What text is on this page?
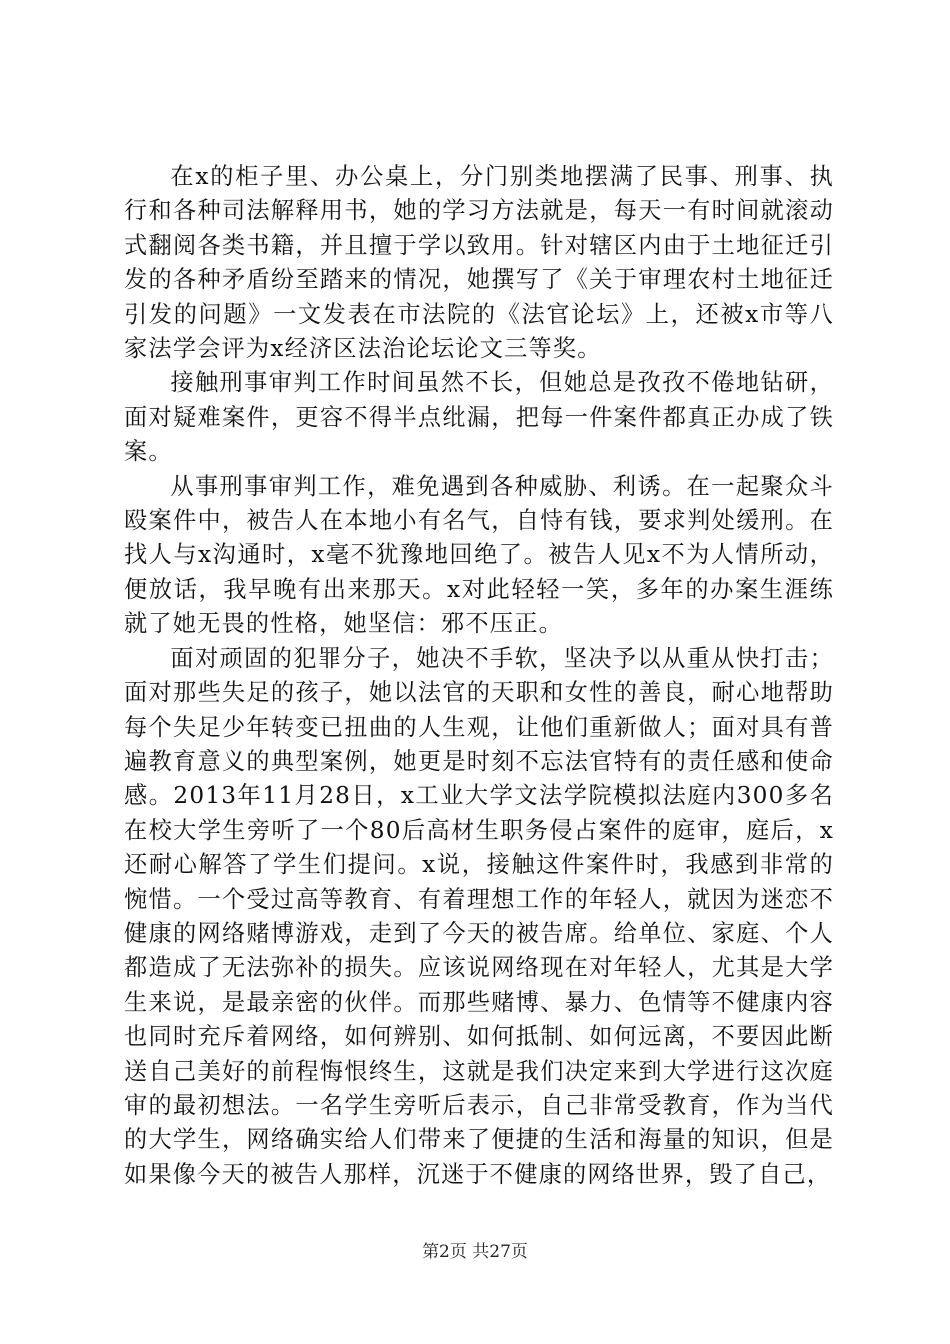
在x的柜子里、办公桌上，分门别类地摆满了民事、刑事、执行和各种司法解释用书，她的学习方法就是，每天一有时间就滚动式翻阅各类书籍，并且擅于学以致用。针对辖区内由于土地征迁引发的各种矛盾纷至踏来的情况，她撰写了《关于审理农村土地征迁引发的问题》一文发表在市法院的《法官论坛》上，还被x市等八家法学会评为x经济区法治论坛论文三等奖。

接触刑事审判工作时间虽然不长，但她总是孜孜不倦地钻研，面对疑难案件，更容不得半点纰漏，把每一件案件都真正办成了铁案。

从事刑事审判工作，难免遇到各种威胁、利诱。在一起聚众斗殴案件中，被告人在本地小有名气，自恃有钱，要求判处缓刑。在找人与x沟通时，x毫不犹豫地回绝了。被告人见x不为人情所动，便放话，我早晚有出来那天。x对此轻轻一笑，多年的办案生涯练就了她无畏的性格，她坚信：邪不压正。

面对顽固的犯罪分子，她决不手软，坚决予以从重从快打击；面对那些失足的孩子，她以法官的天职和女性的善良，耐心地帮助每个失足少年转变已扭曲的人生观，让他们重新做人；面对具有普遍教育意义的典型案例，她更是时刻不忘法官特有的责任感和使命感。2013年11月28日，x工业大学文法学院模拟法庭内300多名在校大学生旁听了一个80后高材生职务侵占案件的庭审，庭后，x还耐心解答了学生们提问。x说，接触这件案件时，我感到非常的惋惜。一个受过高等教育、有着理想工作的年轻人，就因为迷恋不健康的网络赌博游戏，走到了今天的被告席。给单位、家庭、个人都造成了无法弥补的损失。应该说网络现在对年轻人，尤其是大学生来说，是最亲密的伙伴。而那些赌博、暴力、色情等不健康内容也同时充斥着网络，如何辨别、如何抵制、如何远离，不要因此断送自己美好的前程悔恨终生，这就是我们决定来到大学进行这次庭审的最初想法。一名学生旁听后表示，自己非常受教育，作为当代的大学生，网络确实给人们带来了便捷的生活和海量的知识，但是如果像今天的被告人那样，沉迷于不健康的网络世界，毁了自己，

第2页 共27页
